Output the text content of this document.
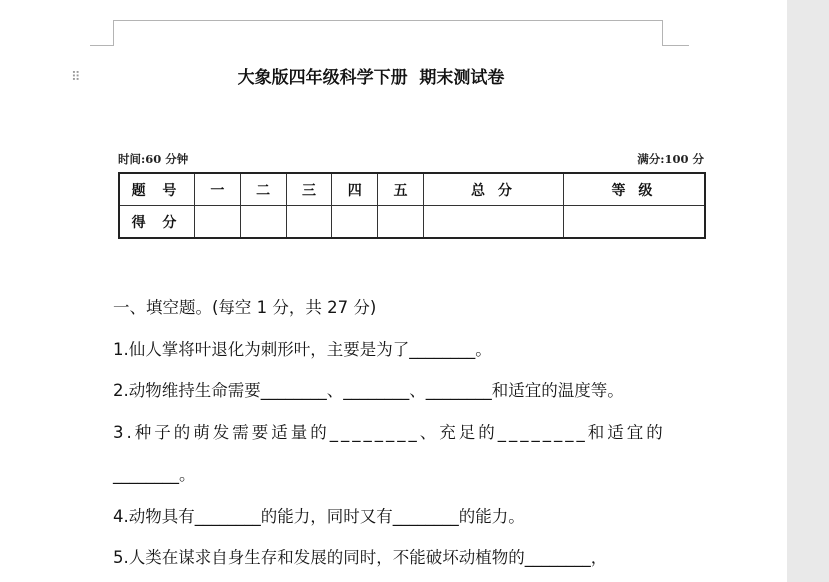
⠿	大象版四年级科学下册  期末测试卷
时间:60 分钟	满分:100 分
题 号	一	二	三	四	五	总 分	等 级
得 分							
一、填空题。(每空 1 分，共 27 分)
1.仙人掌将叶退化为刺形叶，主要是为了________。
2.动物维持生命需要________、________、________和适宜的温度等。
3.种子的萌发需要适量的________、充足的________和适宜的
________。
4.动物具有________的能力，同时又有________的能力。
5.人类在谋求自身生存和发展的同时，不能破坏动植物的________，
